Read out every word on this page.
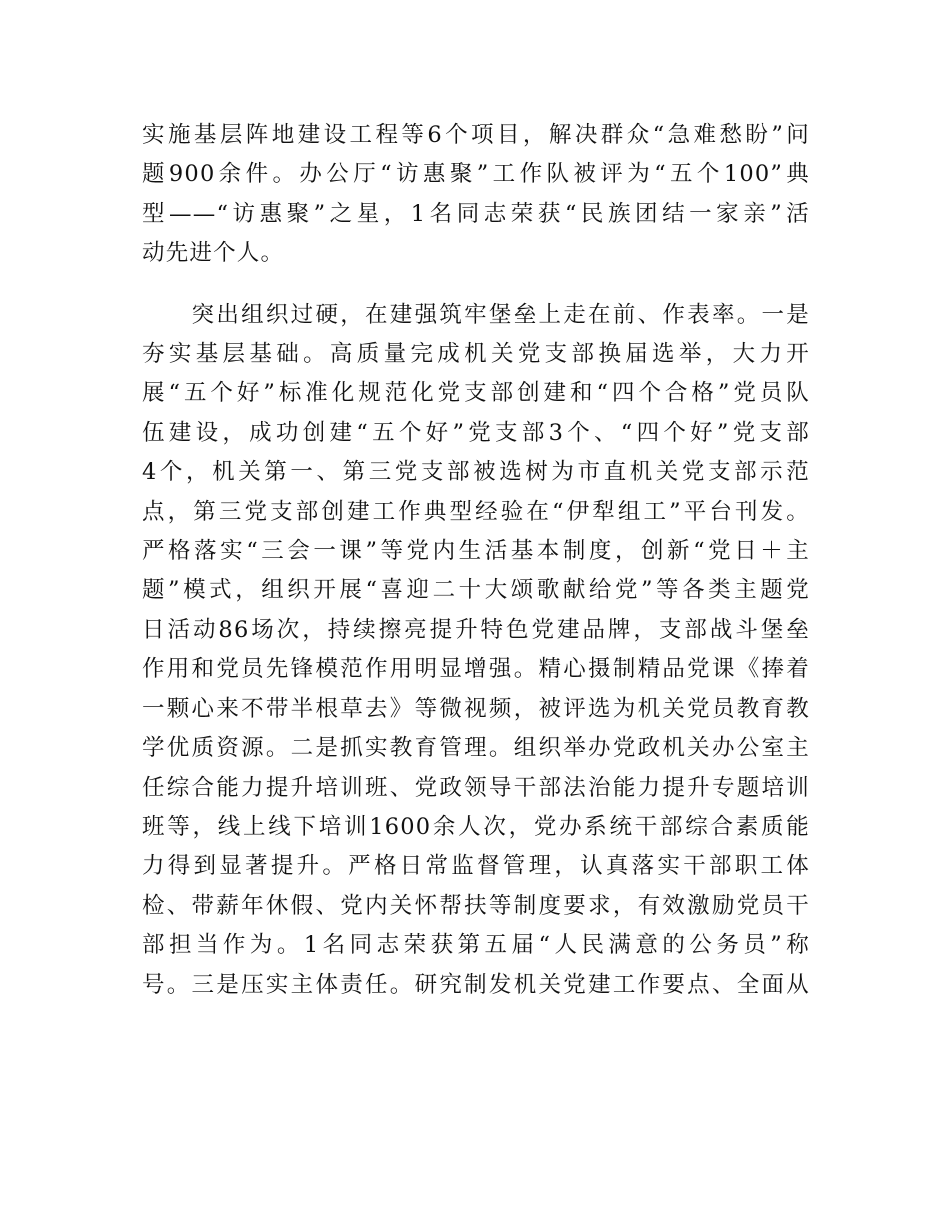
实施基层阵地建设工程等6个项目，解决群众“急难愁盼”问
题900余件。办公厅“访惠聚”工作队被评为“五个100”典
型——“访惠聚”之星，1名同志荣获“民族团结一家亲”活
动先进个人。
　　突出组织过硬，在建强筑牢堡垒上走在前、作表率。一是
夯实基层基础。高质量完成机关党支部换届选举，大力开
展“五个好”标准化规范化党支部创建和“四个合格”党员队
伍建设，成功创建“五个好”党支部3个、“四个好”党支部
4个，机关第一、第三党支部被选树为市直机关党支部示范
点，第三党支部创建工作典型经验在“伊犁组工”平台刊发。
严格落实“三会一课”等党内生活基本制度，创新“党日＋主
题”模式，组织开展“喜迎二十大颂歌献给党”等各类主题党
日活动86场次，持续擦亮提升特色党建品牌，支部战斗堡垒
作用和党员先锋模范作用明显增强。精心摄制精品党课《捧着
一颗心来不带半根草去》等微视频，被评选为机关党员教育教
学优质资源。二是抓实教育管理。组织举办党政机关办公室主
任综合能力提升培训班、党政领导干部法治能力提升专题培训
班等，线上线下培训1600余人次，党办系统干部综合素质能
力得到显著提升。严格日常监督管理，认真落实干部职工体
检、带薪年休假、党内关怀帮扶等制度要求，有效激励党员干
部担当作为。1名同志荣获第五届“人民满意的公务员”称
号。三是压实主体责任。研究制发机关党建工作要点、全面从
